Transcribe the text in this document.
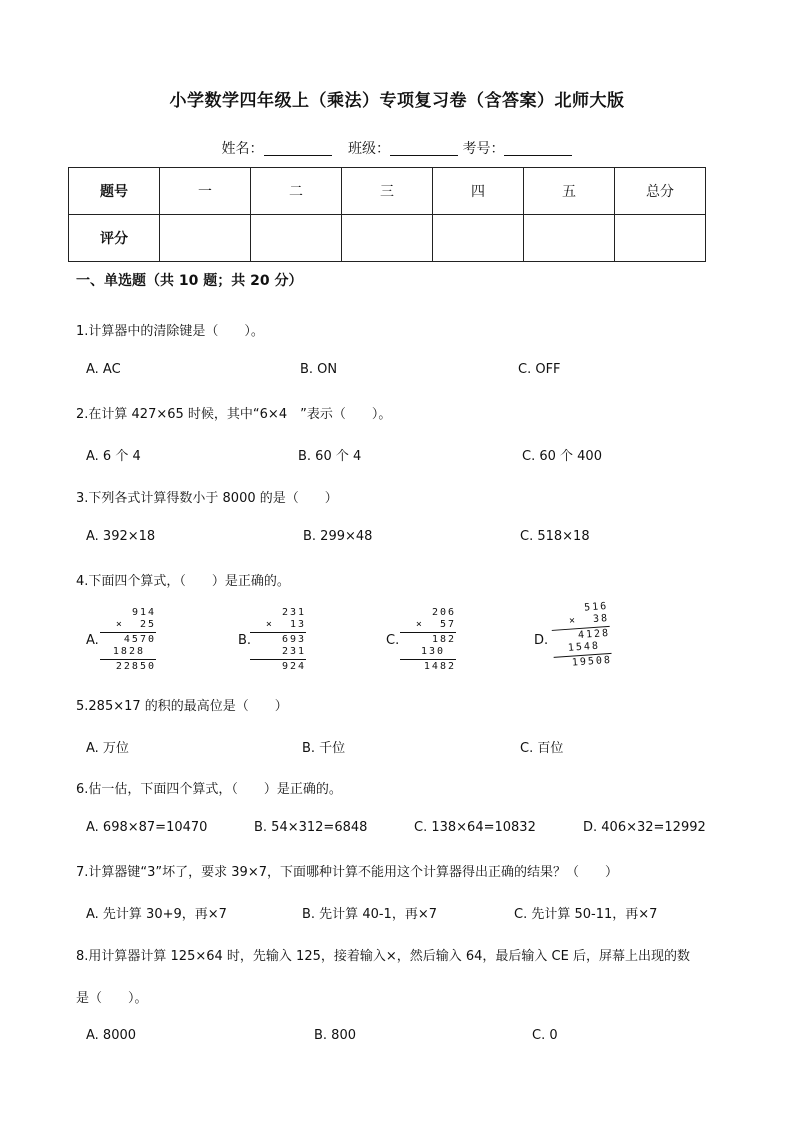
小学数学四年级上（乘法）专项复习卷（含答案）北师大版
姓名：	班级：	考号：
题号	一	二	三	四	五	总分
评分						
一、单选题（共 10 题；共 20 分）
1.计算器中的清除键是（　　）。
A. AC	B. ON	C. OFF
2.在计算 427×65 时候，其中“6×4　”表示（　　）。
A. 6 个 4	B. 60 个 4	C. 60 个 400
3.下列各式计算得数小于 8000 的是（　　）
A. 392×18	B. 299×48	C. 518×18
4.下面四个算式，（　　）是正确的。
A.
914
×  25
4570
1828
22850
B.
231
×  13
693
231
924
C.
206
×  57
182
130
1482
D.
516
×  38
4128
1548
19508
5.285×17 的积的最高位是（　　）
A. 万位	B. 千位	C. 百位
6.估一估，下面四个算式，（　　）是正确的。
A. 698×87=10470	B. 54×312=6848	C. 138×64=10832	D. 406×32=12992
7.计算器键“3”坏了，要求 39×7，下面哪种计算不能用这个计算器得出正确的结果？（　　）
A. 先计算 30+9，再×7	B. 先计算 40-1，再×7	C. 先计算 50-11，再×7
8.用计算器计算 125×64 时，先输入 125，接着输入×，然后输入 64，最后输入 CE 后，屏幕上出现的数
是（　　）。
A. 8000	B. 800	C. 0
